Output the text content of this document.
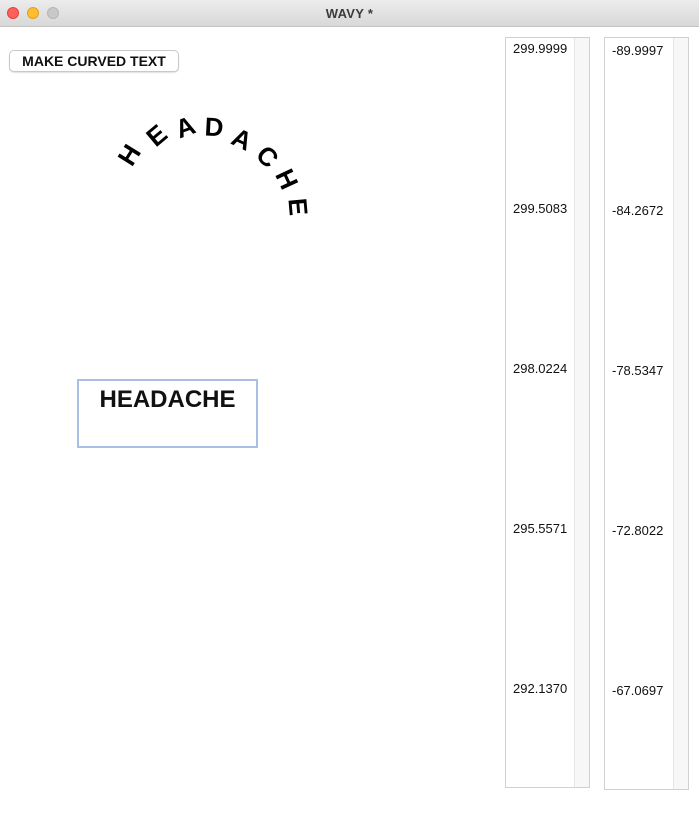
WAVY *
MAKE CURVED TEXT
H
E
A D A
C
H
E
HEADACHE
299.9999
299.5083
298.0224
295.5571
292.1370
-89.9997
-84.2672
-78.5347
-72.8022
-67.0697
